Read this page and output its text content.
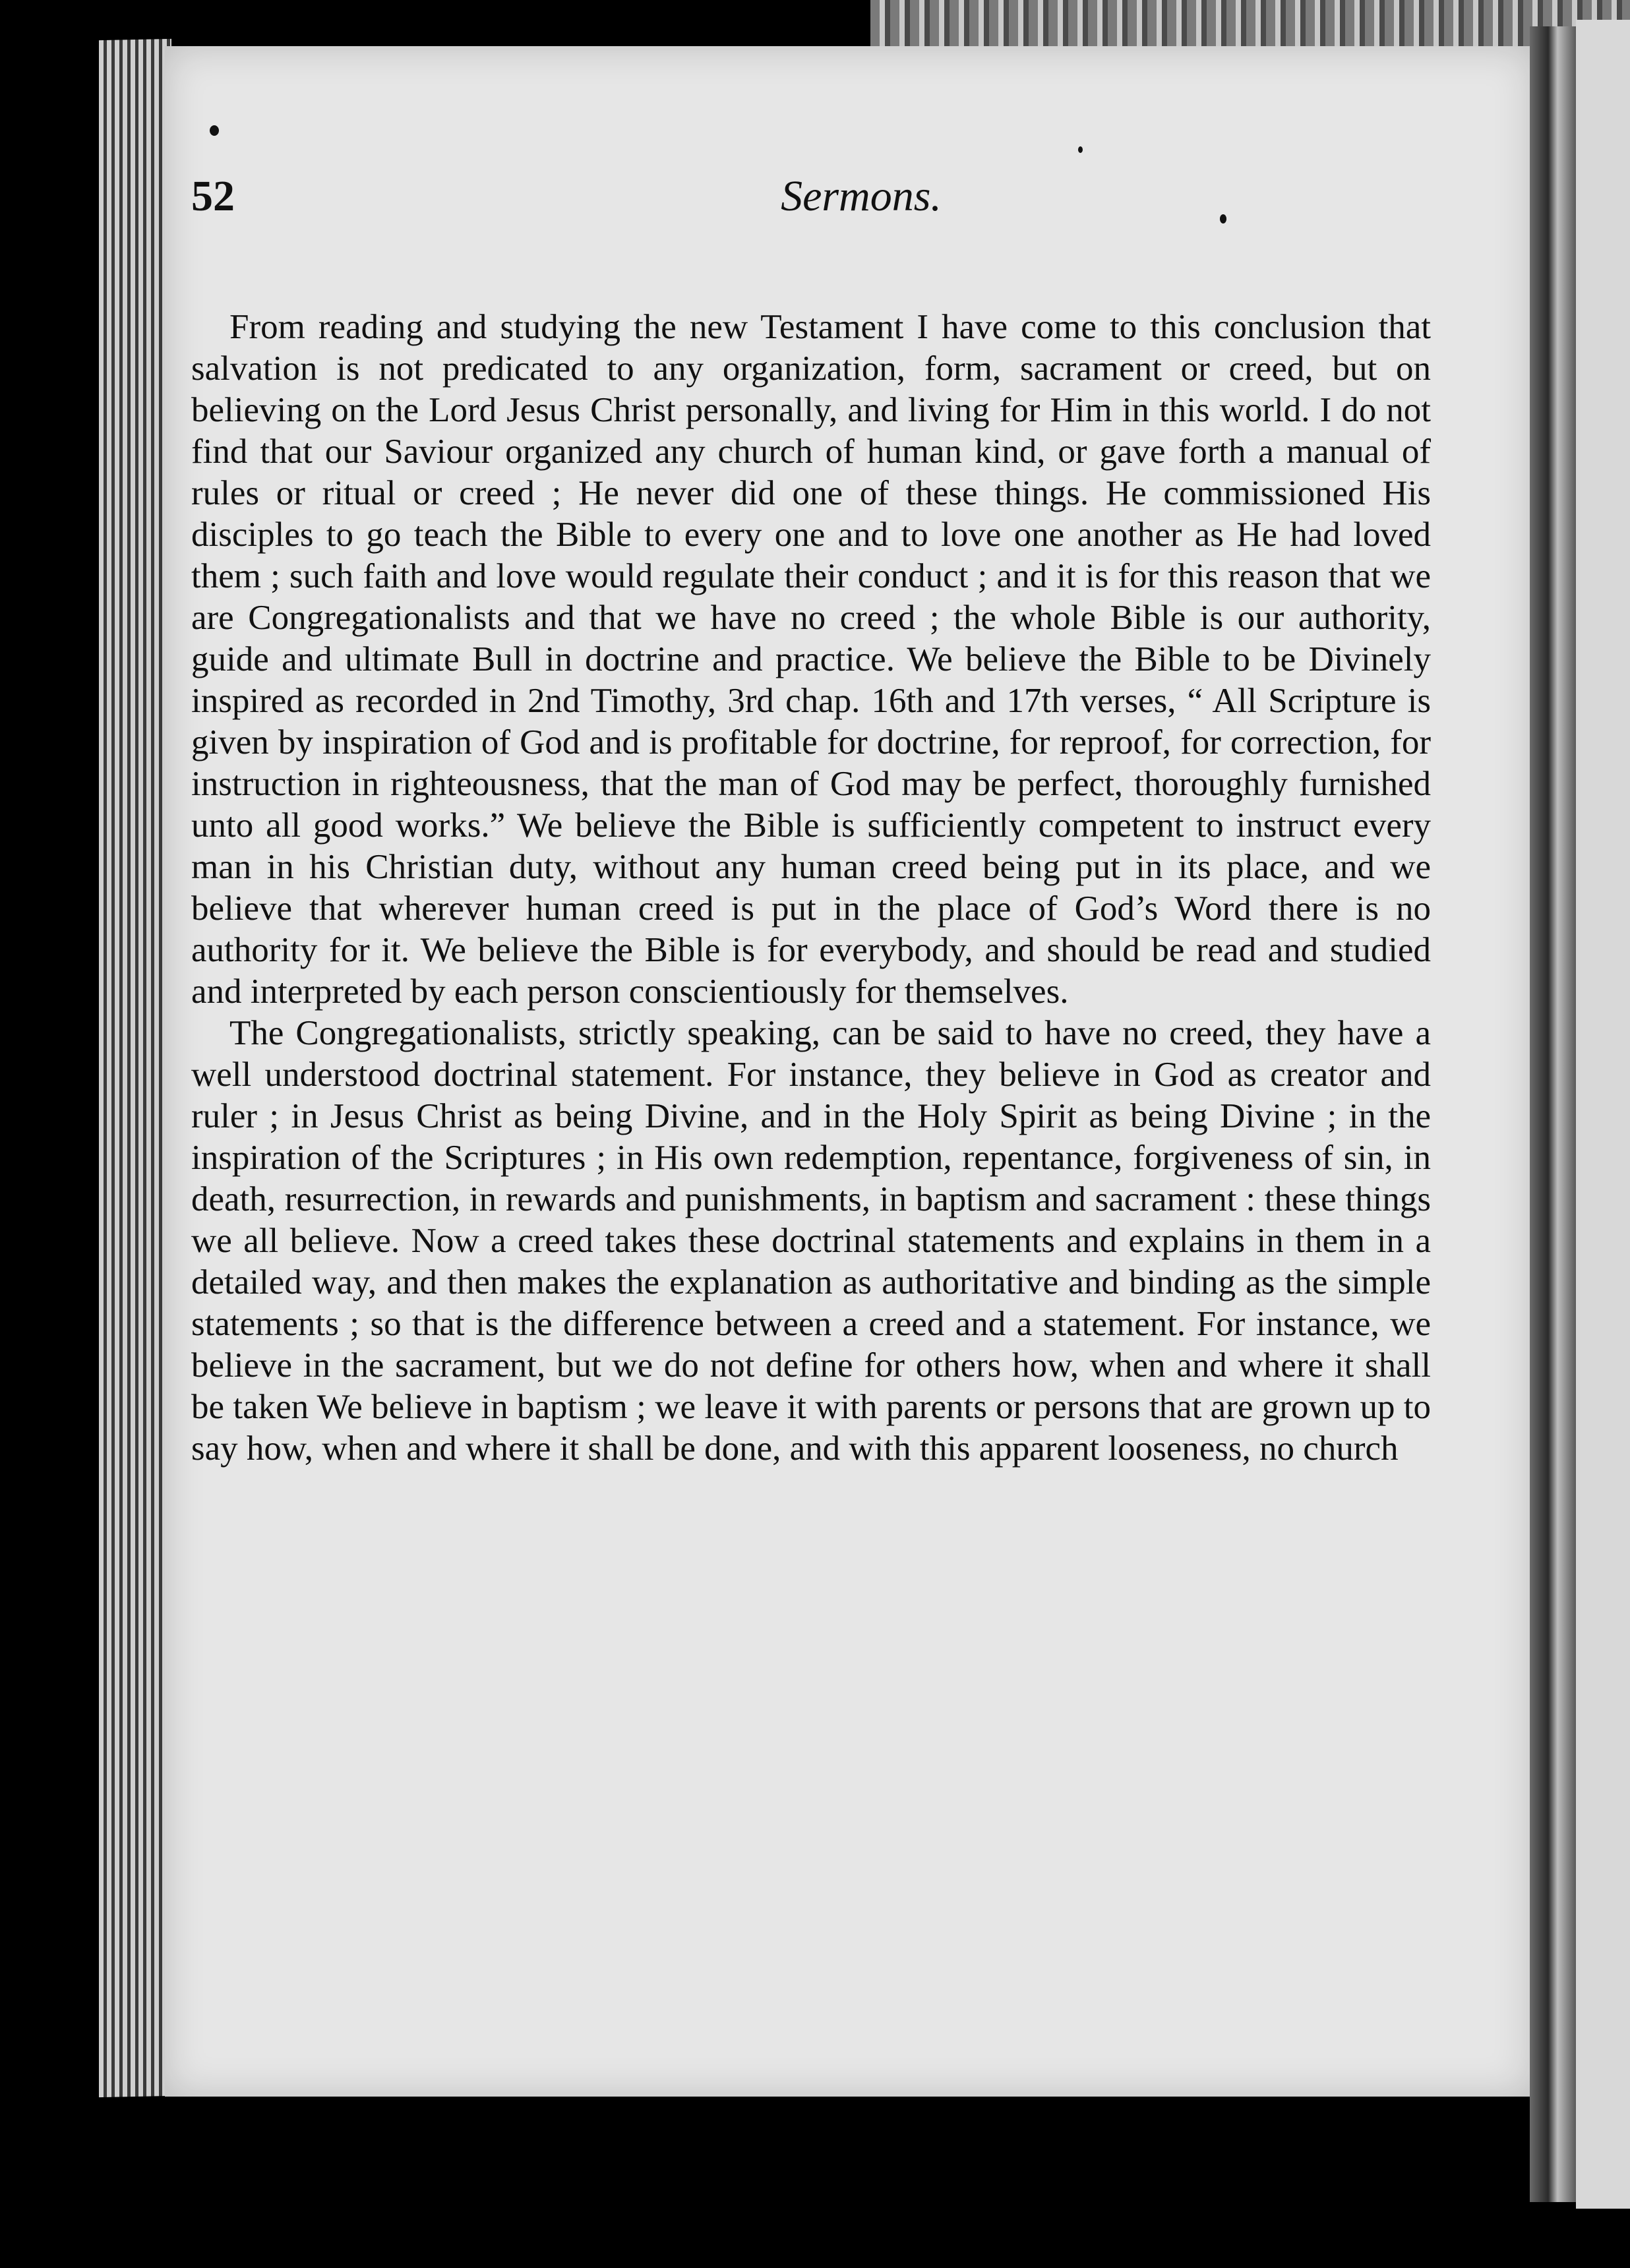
52	Sermons.

From reading and studying the new Testament I have come to this conclusion that salvation is not predicated to any organization, form, sacrament or creed, but on believing on the Lord Jesus Christ personally, and living for Him in this world. I do not find that our Saviour organized any church of human kind, or gave forth a manual of rules or ritual or creed ; He never did one of these things. He commissioned His disciples to go teach the Bible to every one and to love one another as He had loved them ; such faith and love would regulate their conduct ; and it is for this reason that we are Congregationalists and that we have no creed ; the whole Bible is our authority, guide and ultimate Bull in doctrine and practice. We believe the Bible to be Divinely inspired as recorded in 2nd Timothy, 3rd chap. 16th and 17th verses, “ All Scripture is given by inspiration of God and is profitable for doctrine, for reproof, for correction, for instruction in righteousness, that the man of God may be perfect, thoroughly furnished unto all good works.” We believe the Bible is sufficiently competent to instruct every man in his Christian duty, without any human creed being put in its place, and we believe that wherever human creed is put in the place of God’s Word there is no authority for it. We believe the Bible is for everybody, and should be read and studied and interpreted by each person conscientiously for themselves.

The Congregationalists, strictly speaking, can be said to have no creed, they have a well understood doctrinal statement. For instance, they believe in God as creator and ruler ; in Jesus Christ as being Divine, and in the Holy Spirit as being Divine ; in the inspiration of the Scriptures ; in His own redemption, repentance, forgiveness of sin, in death, resurrection, in rewards and punishments, in baptism and sacrament : these things we all believe. Now a creed takes these doctrinal statements and explains in them in a detailed way, and then makes the explanation as authoritative and binding as the simple statements ; so that is the difference between a creed and a statement. For instance, we believe in the sacrament, but we do not define for others how, when and where it shall be taken We believe in baptism ; we leave it with parents or persons that are grown up to say how, when and where it shall be done, and with this apparent looseness, no church
